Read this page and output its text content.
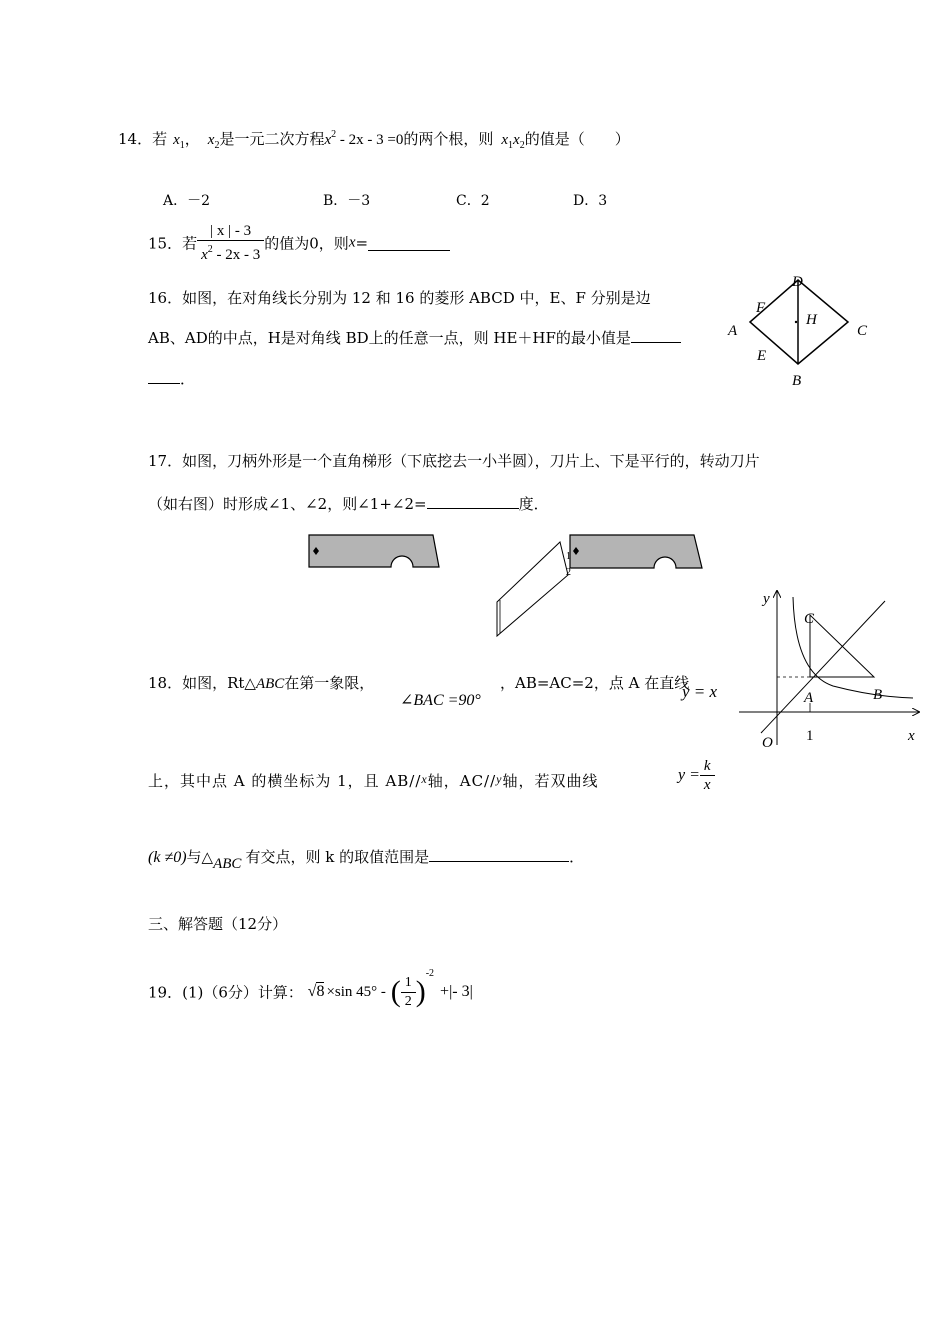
14．若 $x_1$， $x_2$是一元二次方程$x^2 - 2x - 3 =0$的两个根，则 $x_1x_2$的值是（　　）
A．－2	B．－3	C．2	D．3
15．若 $\frac{| x | - 3}{x^2 - 2x - 3}$ 的值为0，则x=
16．如图，在对角线长分别为 12 和 16 的菱形 ABCD 中，E、F 分别是边
AB、AD的中点，H是对角线 BD上的任意一点，则 HE＋HF的最小值是
．
D
F
H
A	C
E
B
17．如图，刀柄外形是一个直角梯形（下底挖去一小半圆），刀片上、下是平行的，转动刀片
（如右图）时形成∠1、∠2，则∠1+∠2=	度．
1
2
18．如图，Rt△ABC在第一象限，
∠BAC =90°
，AB=AC=2，点 A 在直线
y = x
上，其中点 A 的横坐标为 1，且 AB//$^x$轴，AC//$^y$轴，若双曲线	$y = \frac{k}{x}$
(k ≠0)与△ABC 有交点，则 k 的取值范围是	．
y
x
O 1
A	B
C
三、解答题（12分）
19．(1)（6分）计算： √8 ×sin 45° - ( $\frac{1}{2} )^{-2}+|-$ 3|
